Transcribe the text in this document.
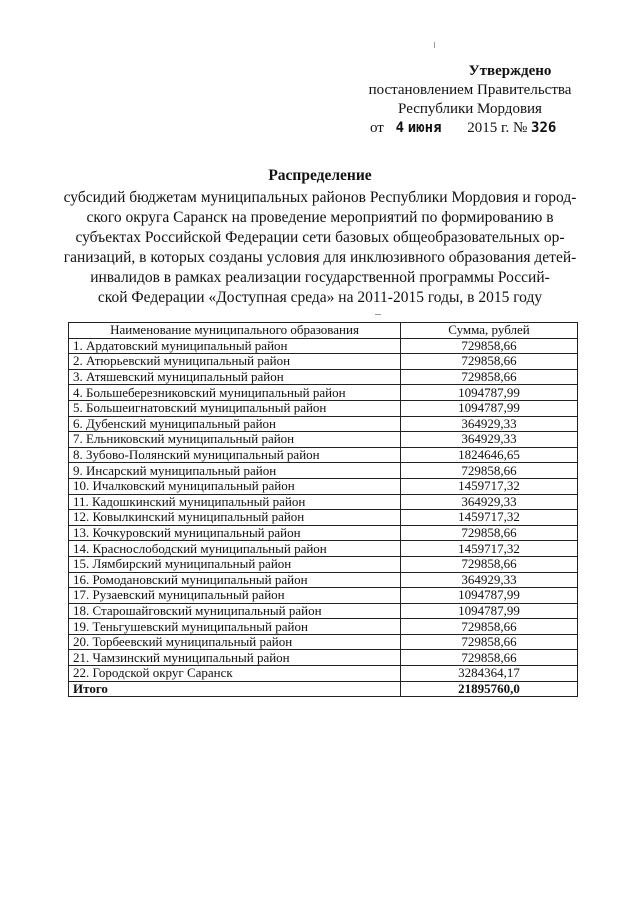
Утверждено
постановлением Правительства
Республики Мордовия
от 4 июня 2015 г. № 326
Распределение
субсидий бюджетам муниципальных районов Республики Мордовия и город-
ского округа Саранск на проведение мероприятий по формированию в
субъектах Российской Федерации сети базовых общеобразовательных ор-
ганизаций, в которых созданы условия для инклюзивного образования детей-
инвалидов в рамках реализации государственной программы Россий-
ской Федерации «Доступная среда» на 2011-2015 годы, в 2015 году
Наименование муниципального образования	Сумма, рублей
1. Ардатовский муниципальный район	729858,66
2. Атюрьевский муниципальный район	729858,66
3. Атяшевский муниципальный район	729858,66
4. Большеберезниковский муниципальный район	1094787,99
5. Большеигнатовский муниципальный район	1094787,99
6. Дубенский муниципальный район	364929,33
7. Ельниковский муниципальный район	364929,33
8. Зубово-Полянский муниципальный район	1824646,65
9. Инсарский муниципальный район	729858,66
10. Ичалковский муниципальный район	1459717,32
11. Кадошкинский муниципальный район	364929,33
12. Ковылкинский муниципальный район	1459717,32
13. Кочкуровский муниципальный район	729858,66
14. Краснослободский муниципальный район	1459717,32
15. Лямбирский муниципальный район	729858,66
16. Ромодановский муниципальный район	364929,33
17. Рузаевский муниципальный район	1094787,99
18. Старошайговский муниципальный район	1094787,99
19. Теньгушевский муниципальный район	729858,66
20. Торбеевский муниципальный район	729858,66
21. Чамзинский муниципальный район	729858,66
22. Городской округ Саранск	3284364,17
Итого	21895760,0
